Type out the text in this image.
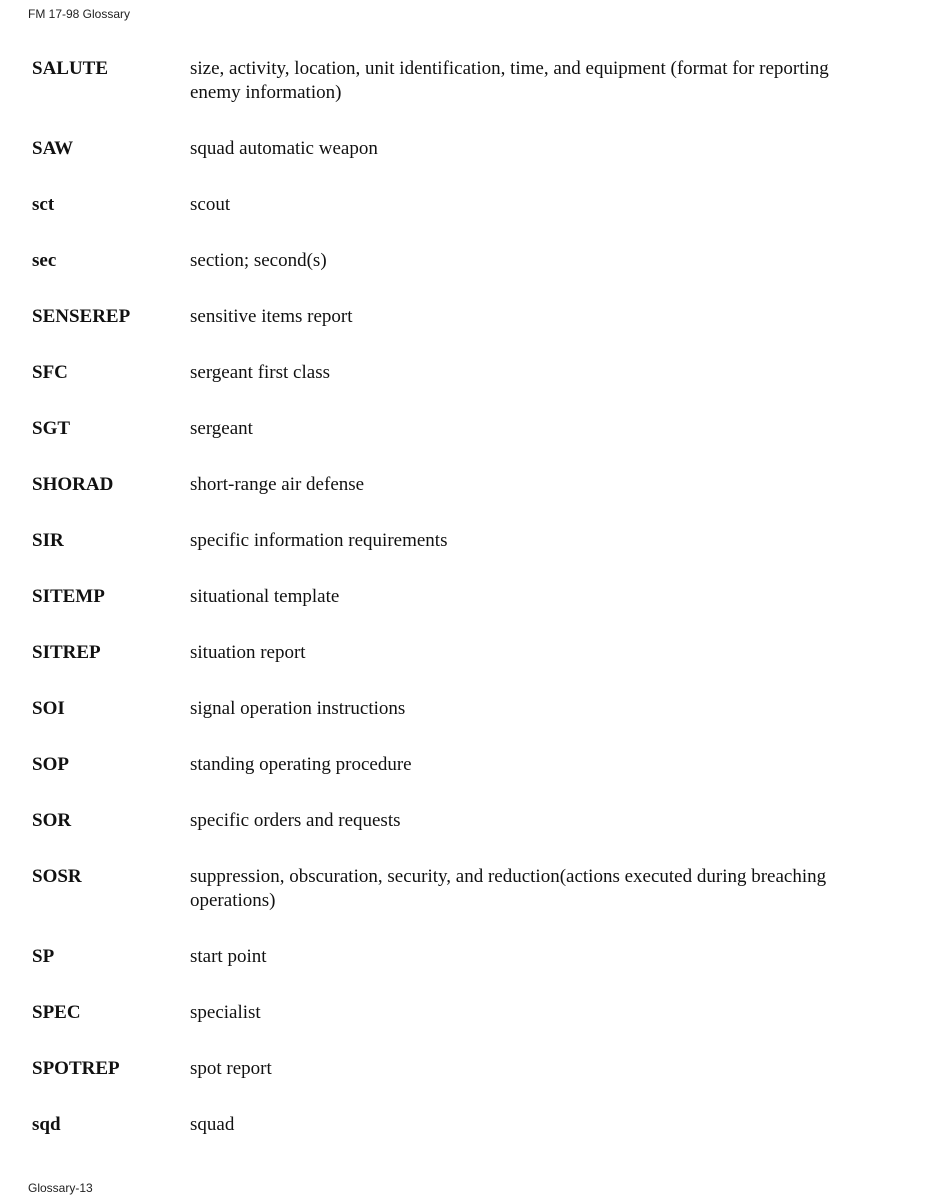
FM 17-98 Glossary
SALUTE	size, activity, location, unit identification, time, and equipment (format for reporting enemy information)
SAW	squad automatic weapon
sct	scout
sec	section; second(s)
SENSEREP	sensitive items report
SFC	sergeant first class
SGT	sergeant
SHORAD	short-range air defense
SIR	specific information requirements
SITEMP	situational template
SITREP	situation report
SOI	signal operation instructions
SOP	standing operating procedure
SOR	specific orders and requests
SOSR	suppression, obscuration, security, and reduction(actions executed during breaching operations)
SP	start point
SPEC	specialist
SPOTREP	spot report
sqd	squad
Glossary-13
